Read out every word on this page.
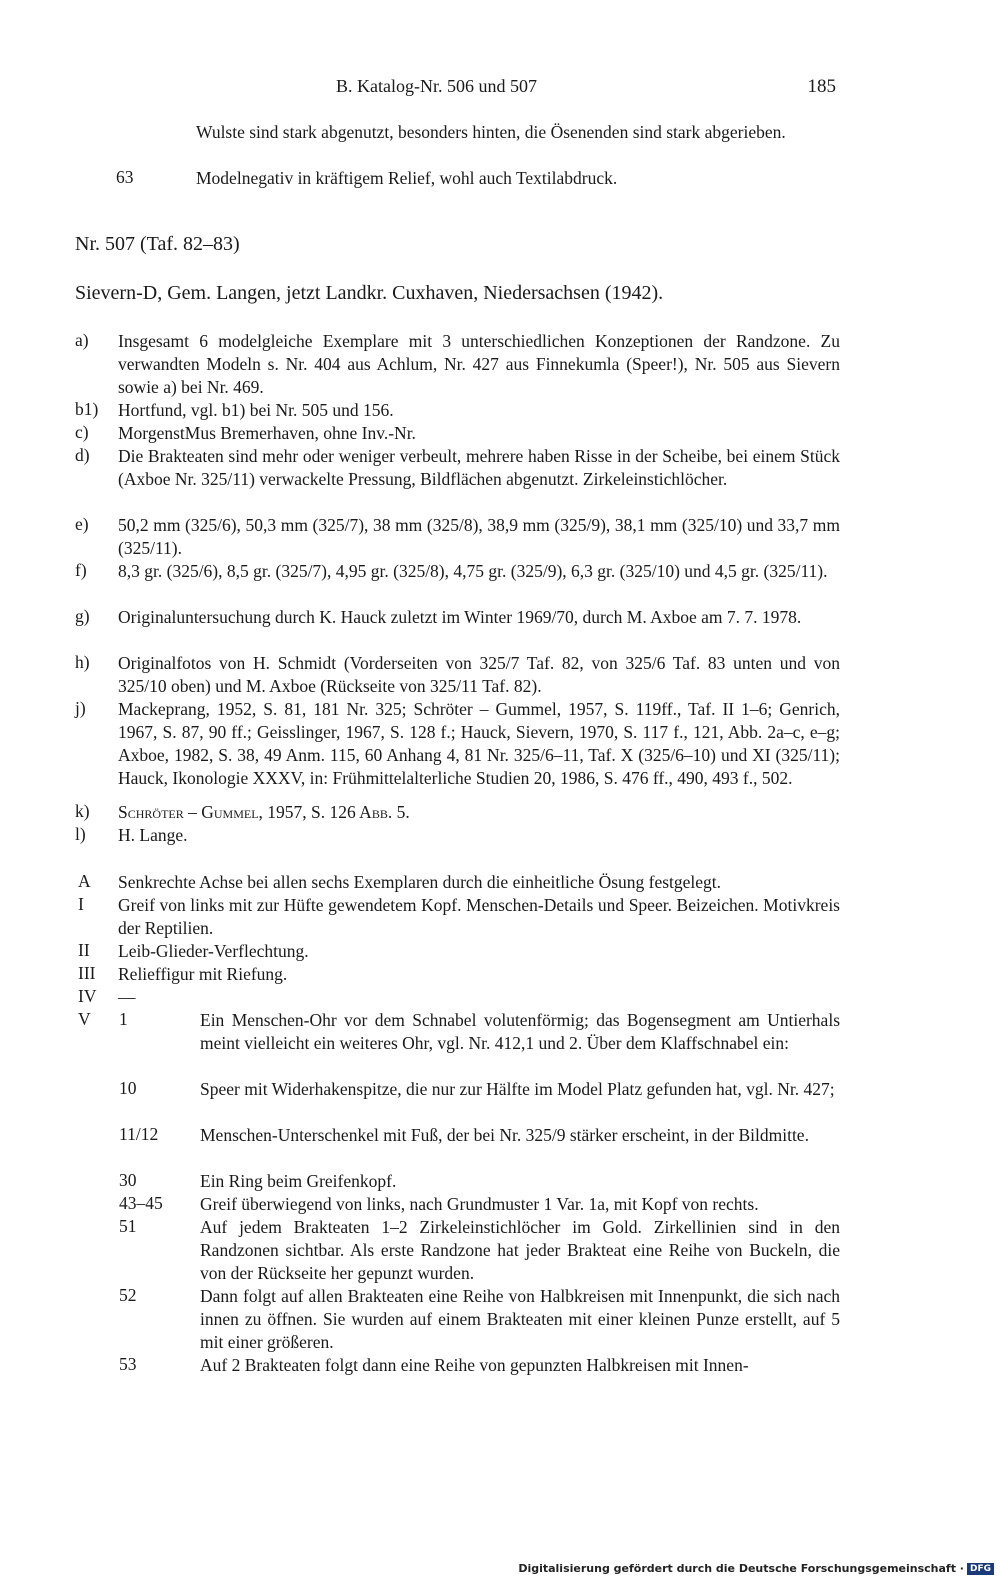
B. Katalog-Nr. 506 und 507	185
Wulste sind stark abgenutzt, besonders hinten, die Ösenenden sind stark abgerieben.
63	Modelnegativ in kräftigem Relief, wohl auch Textilabdruck.
Nr. 507 (Taf. 82–83)
Sievern-D, Gem. Langen, jetzt Landkr. Cuxhaven, Niedersachsen (1942).
a) Insgesamt 6 modelgleiche Exemplare mit 3 unterschiedlichen Konzeptionen der Randzone. Zu verwandten Modeln s. Nr. 404 aus Achlum, Nr. 427 aus Finnekumla (Speer!), Nr. 505 aus Sievern sowie a) bei Nr. 469.
b1) Hortfund, vgl. b1) bei Nr. 505 und 156.
c) MorgenstMus Bremerhaven, ohne Inv.-Nr.
d) Die Brakteaten sind mehr oder weniger verbeult, mehrere haben Risse in der Scheibe, bei einem Stück (Axboe Nr. 325/11) verwackelte Pressung, Bildflächen abgenutzt. Zirkeleinstichlöcher.
e) 50,2 mm (325/6), 50,3 mm (325/7), 38 mm (325/8), 38,9 mm (325/9), 38,1 mm (325/10) und 33,7 mm (325/11).
f) 8,3 gr. (325/6), 8,5 gr. (325/7), 4,95 gr. (325/8), 4,75 gr. (325/9), 6,3 gr. (325/10) und 4,5 gr. (325/11).
g) Originaluntersuchung durch K. Hauck zuletzt im Winter 1969/70, durch M. Axboe am 7. 7. 1978.
h) Originalfotos von H. Schmidt (Vorderseiten von 325/7 Taf. 82, von 325/6 Taf. 83 unten und von 325/10 oben) und M. Axboe (Rückseite von 325/11 Taf. 82).
j) Mackeprang, 1952, S. 81, 181 Nr. 325; Schröter – Gummel, 1957, S. 119ff., Taf. II 1–6; Genrich, 1967, S. 87, 90 ff.; Geisslinger, 1967, S. 128 f.; Hauck, Sievern, 1970, S. 117 f., 121, Abb. 2a–c, e–g; Axboe, 1982, S. 38, 49 Anm. 115, 60 Anhang 4, 81 Nr. 325/6–11, Taf. X (325/6–10) und XI (325/11); Hauck, Ikonologie XXXV, in: Frühmittelalterliche Studien 20, 1986, S. 476 ff., 490, 493 f., 502.
k) Schröter – Gummel, 1957, S. 126 Abb. 5.
l) H. Lange.
A Senkrechte Achse bei allen sechs Exemplaren durch die einheitliche Ösung festgelegt.
I Greif von links mit zur Hüfte gewendetem Kopf. Menschen-Details und Speer. Beizeichen. Motivkreis der Reptilien.
II Leib-Glieder-Verflechtung.
III Relieffigur mit Riefung.
IV —
V 1	Ein Menschen-Ohr vor dem Schnabel volutenförmig; das Bogensegment am Untierhals meint vielleicht ein weiteres Ohr, vgl. Nr. 412,1 und 2. Über dem Klaffschnabel ein:
10	Speer mit Widerhakenspitze, die nur zur Hälfte im Model Platz gefunden hat, vgl. Nr. 427;
11/12 Menschen-Unterschenkel mit Fuß, der bei Nr. 325/9 stärker erscheint, in der Bildmitte.
30	Ein Ring beim Greifenkopf.
43–45 Greif überwiegend von links, nach Grundmuster 1 Var. 1a, mit Kopf von rechts.
51	Auf jedem Brakteaten 1–2 Zirkeleinstichlöcher im Gold. Zirkellinien sind in den Randzonen sichtbar. Als erste Randzone hat jeder Brakteat eine Reihe von Buckeln, die von der Rückseite her gepunzt wurden.
52	Dann folgt auf allen Brakteaten eine Reihe von Halbkreisen mit Innenpunkt, die sich nach innen zu öffnen. Sie wurden auf einem Brakteaten mit einer kleinen Punze erstellt, auf 5 mit einer größeren.
53	Auf 2 Brakteaten folgt dann eine Reihe von gepunzten Halbkreisen mit Innen-
Digitalisierung gefördert durch die Deutsche Forschungsgemeinschaft · DFG
